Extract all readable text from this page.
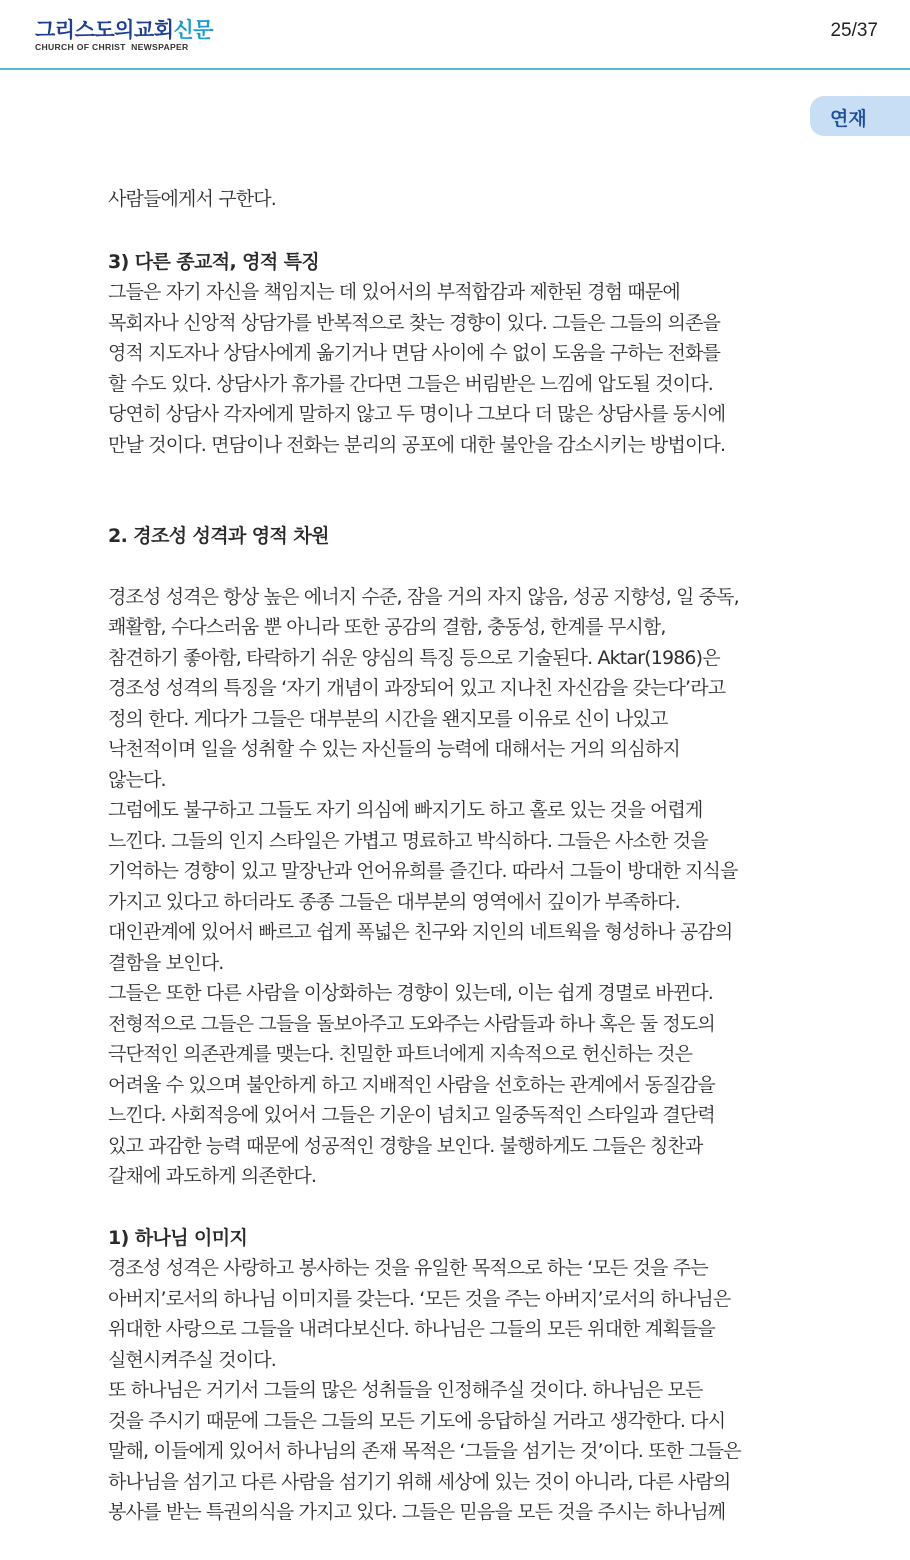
그리스도의교회신문
CHURCH OF CHRIST  NEWSPAPER
25/37
연재
사람들에게서 구한다.
3) 다른 종교적, 영적 특징
그들은 자기 자신을 책임지는 데 있어서의 부적합감과 제한된 경험 때문에
목회자나 신앙적 상담가를 반복적으로 찾는 경향이 있다. 그들은 그들의 의존을
영적 지도자나 상담사에게 옮기거나 면담 사이에 수 없이 도움을 구하는 전화를
할 수도 있다. 상담사가 휴가를 간다면 그들은 버림받은 느낌에 압도될 것이다.
당연히 상담사 각자에게 말하지 않고 두 명이나 그보다 더 많은 상담사를 동시에
만날 것이다. 면담이나 전화는 분리의 공포에 대한 불안을 감소시키는 방법이다.
2. 경조성 성격과 영적 차원
경조성 성격은 항상 높은 에너지 수준, 잠을 거의 자지 않음, 성공 지향성, 일 중독,
쾌활함, 수다스러움 뿐 아니라 또한 공감의 결함, 충동성, 한계를 무시함,
참견하기 좋아함, 타락하기 쉬운 양심의 특징 등으로 기술된다. Aktar(1986)은
경조성 성격의 특징을 ‘자기 개념이 과장되어 있고 지나친 자신감을 갖는다’라고
정의 한다. 게다가 그들은 대부분의 시간을 왠지모를 이유로 신이 나있고
낙천적이며 일을 성취할 수 있는 자신들의 능력에 대해서는 거의 의심하지
않는다.
그럼에도 불구하고 그들도 자기 의심에 빠지기도 하고 홀로 있는 것을 어렵게
느낀다. 그들의 인지 스타일은 가볍고 명료하고 박식하다. 그들은 사소한 것을
기억하는 경향이 있고 말장난과 언어유희를 즐긴다. 따라서 그들이 방대한 지식을
가지고 있다고 하더라도 종종 그들은 대부분의 영역에서 깊이가 부족하다.
대인관계에 있어서 빠르고 쉽게 폭넓은 친구와 지인의 네트웍을 형성하나 공감의
결함을 보인다.
그들은 또한 다른 사람을 이상화하는 경향이 있는데, 이는 쉽게 경멸로 바뀐다.
전형적으로 그들은 그들을 돌보아주고 도와주는 사람들과 하나 혹은 둘 정도의
극단적인 의존관계를 맺는다. 친밀한 파트너에게 지속적으로 헌신하는 것은
어려울 수 있으며 불안하게 하고 지배적인 사람을 선호하는 관계에서 동질감을
느낀다. 사회적응에 있어서 그들은 기운이 넘치고 일중독적인 스타일과 결단력
있고 과감한 능력 때문에 성공적인 경향을 보인다. 불행하게도 그들은 칭찬과
갈채에 과도하게 의존한다.
1) 하나님 이미지
경조성 성격은 사랑하고 봉사하는 것을 유일한 목적으로 하는 ‘모든 것을 주는
아버지’로서의 하나님 이미지를 갖는다. ‘모든 것을 주는 아버지’로서의 하나님은
위대한 사랑으로 그들을 내려다보신다. 하나님은 그들의 모든 위대한 계획들을
실현시켜주실 것이다.
또 하나님은 거기서 그들의 많은 성취들을 인정해주실 것이다. 하나님은 모든
것을 주시기 때문에 그들은 그들의 모든 기도에 응답하실 거라고 생각한다. 다시
말해, 이들에게 있어서 하나님의 존재 목적은 ‘그들을 섬기는 것’이다. 또한 그들은
하나님을 섬기고 다른 사람을 섬기기 위해 세상에 있는 것이 아니라, 다른 사람의
봉사를 받는 특권의식을 가지고 있다. 그들은 믿음을 모든 것을 주시는 하나님께
